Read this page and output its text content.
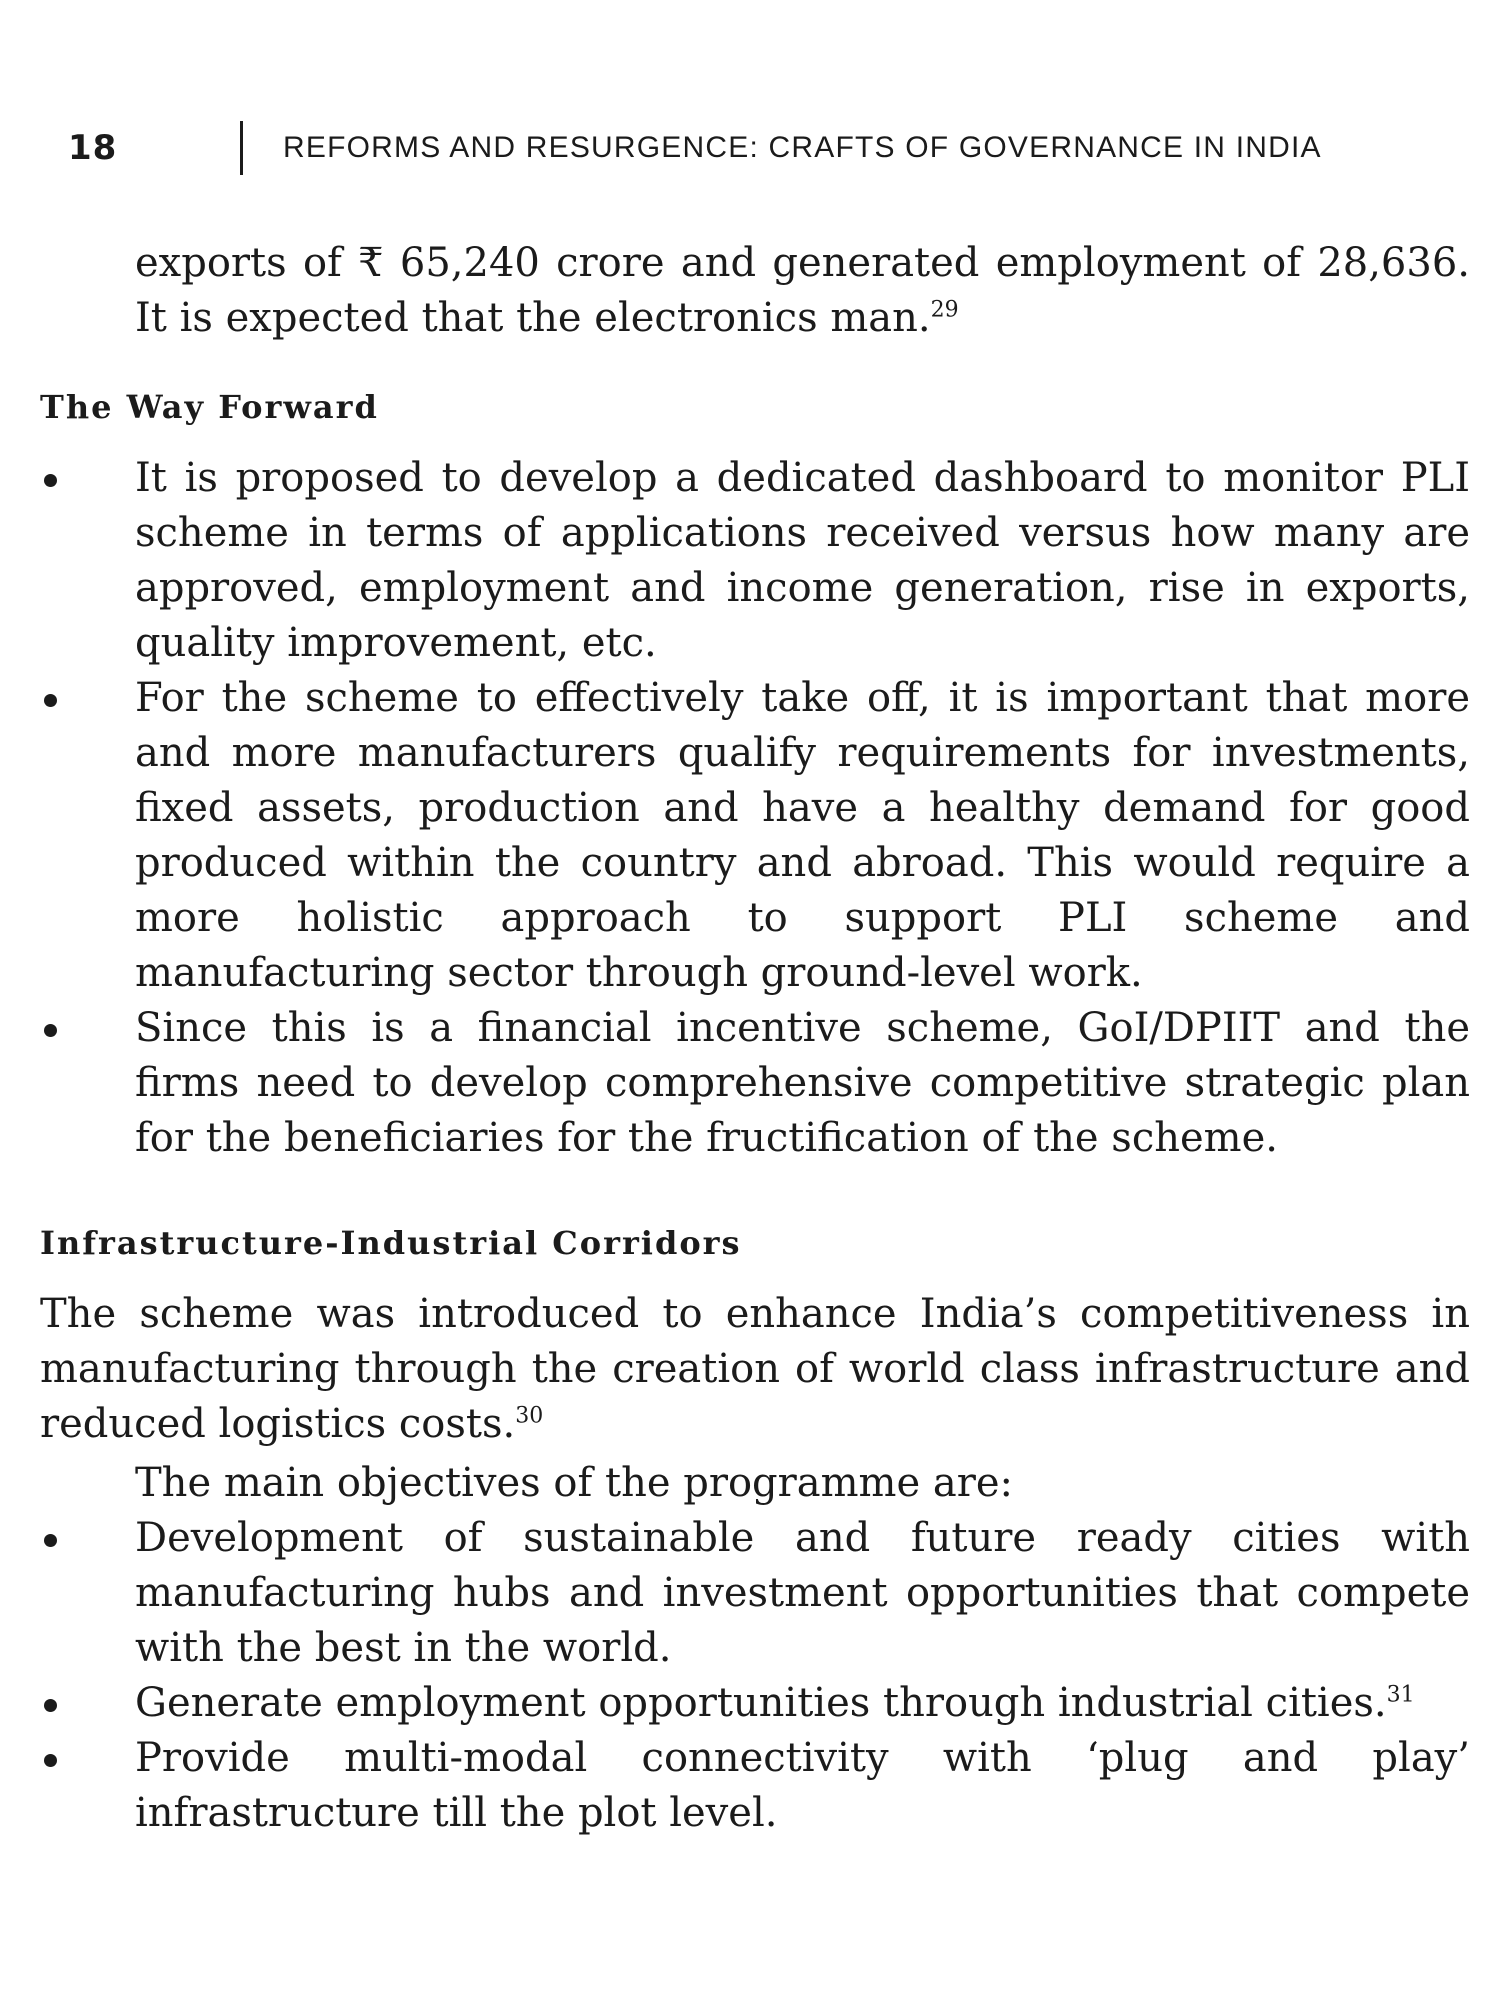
18	REFORMS AND RESURGENCE: CRAFTS OF GOVERNANCE IN INDIA

exports of ₹ 65,240 crore and generated employment of 28,636. It is expected that the electronics man.$^{29}$

The Way Forward
It is proposed to develop a dedicated dashboard to monitor PLI scheme in terms of applications received versus how many are approved, employment and income generation, rise in exports, quality improvement, etc.
For the scheme to effectively take off, it is important that more and more manufacturers qualify requirements for investments, fixed assets, production and have a healthy demand for good produced within the country and abroad. This would require a more holistic approach to support PLI scheme and manufacturing sector through ground-level work.
Since this is a financial incentive scheme, GoI/DPIIT and the firms need to develop comprehensive competitive strategic plan for the beneficiaries for the fructification of the scheme.
Infrastructure-Industrial Corridors

The scheme was introduced to enhance India’s competitiveness in manufacturing through the creation of world class infrastructure and reduced logistics costs.$^{30}$

The main objectives of the programme are:

Development of sustainable and future ready cities with manufacturing hubs and investment opportunities that compete with the best in the world.
Generate employment opportunities through industrial cities.$^{31}$
Provide multi-modal connectivity with ‘plug and play’ infrastructure till the plot level.
